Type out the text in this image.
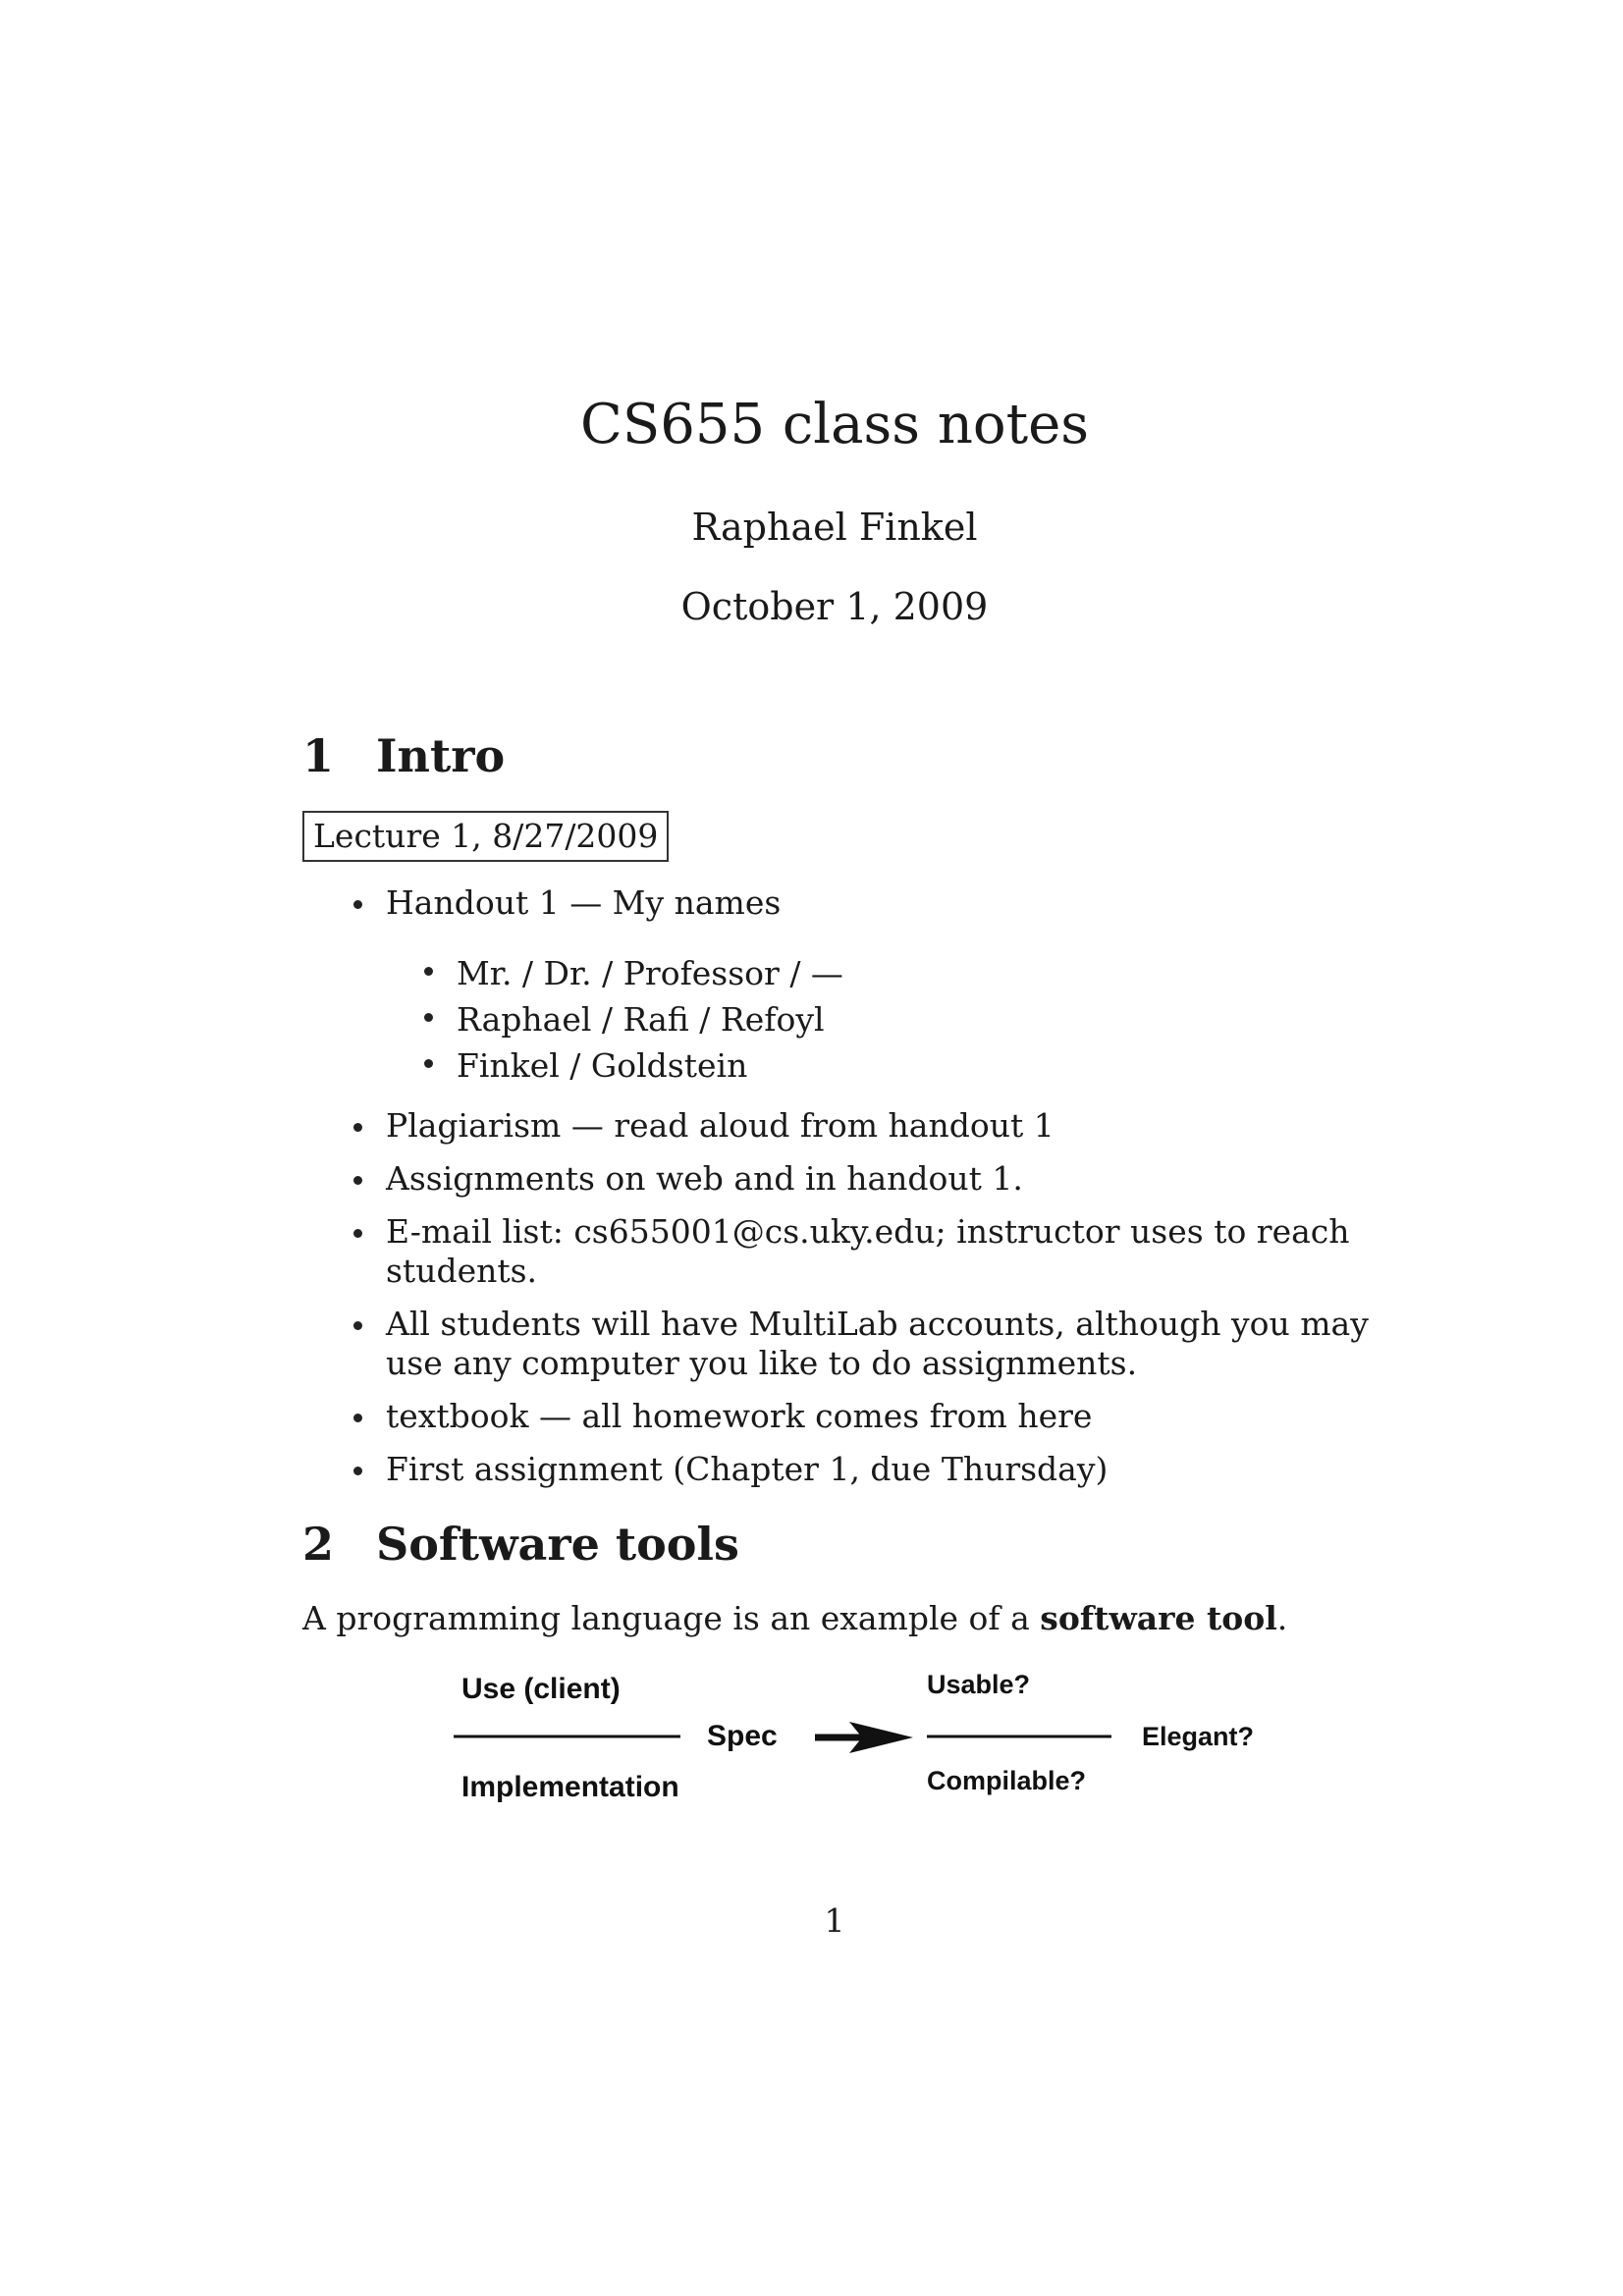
CS655 class notes
Raphael Finkel
October 1, 2009
1 Intro
Lecture 1, 8/27/2009
Handout 1 — My names
Mr. / Dr. / Professor / —
Raphael / Rafi / Refoyl
Finkel / Goldstein
Plagiarism — read aloud from handout 1
Assignments on web and in handout 1.
E-mail list: cs655001@cs.uky.edu; instructor uses to reach students.
All students will have MultiLab accounts, although you may use any computer you like to do assignments.
textbook — all homework comes from here
First assignment (Chapter 1, due Thursday)
2 Software tools
A programming language is an example of a software tool.
Use (client)
Implementation
Spec
Usable?
Compilable?
Elegant?
1
